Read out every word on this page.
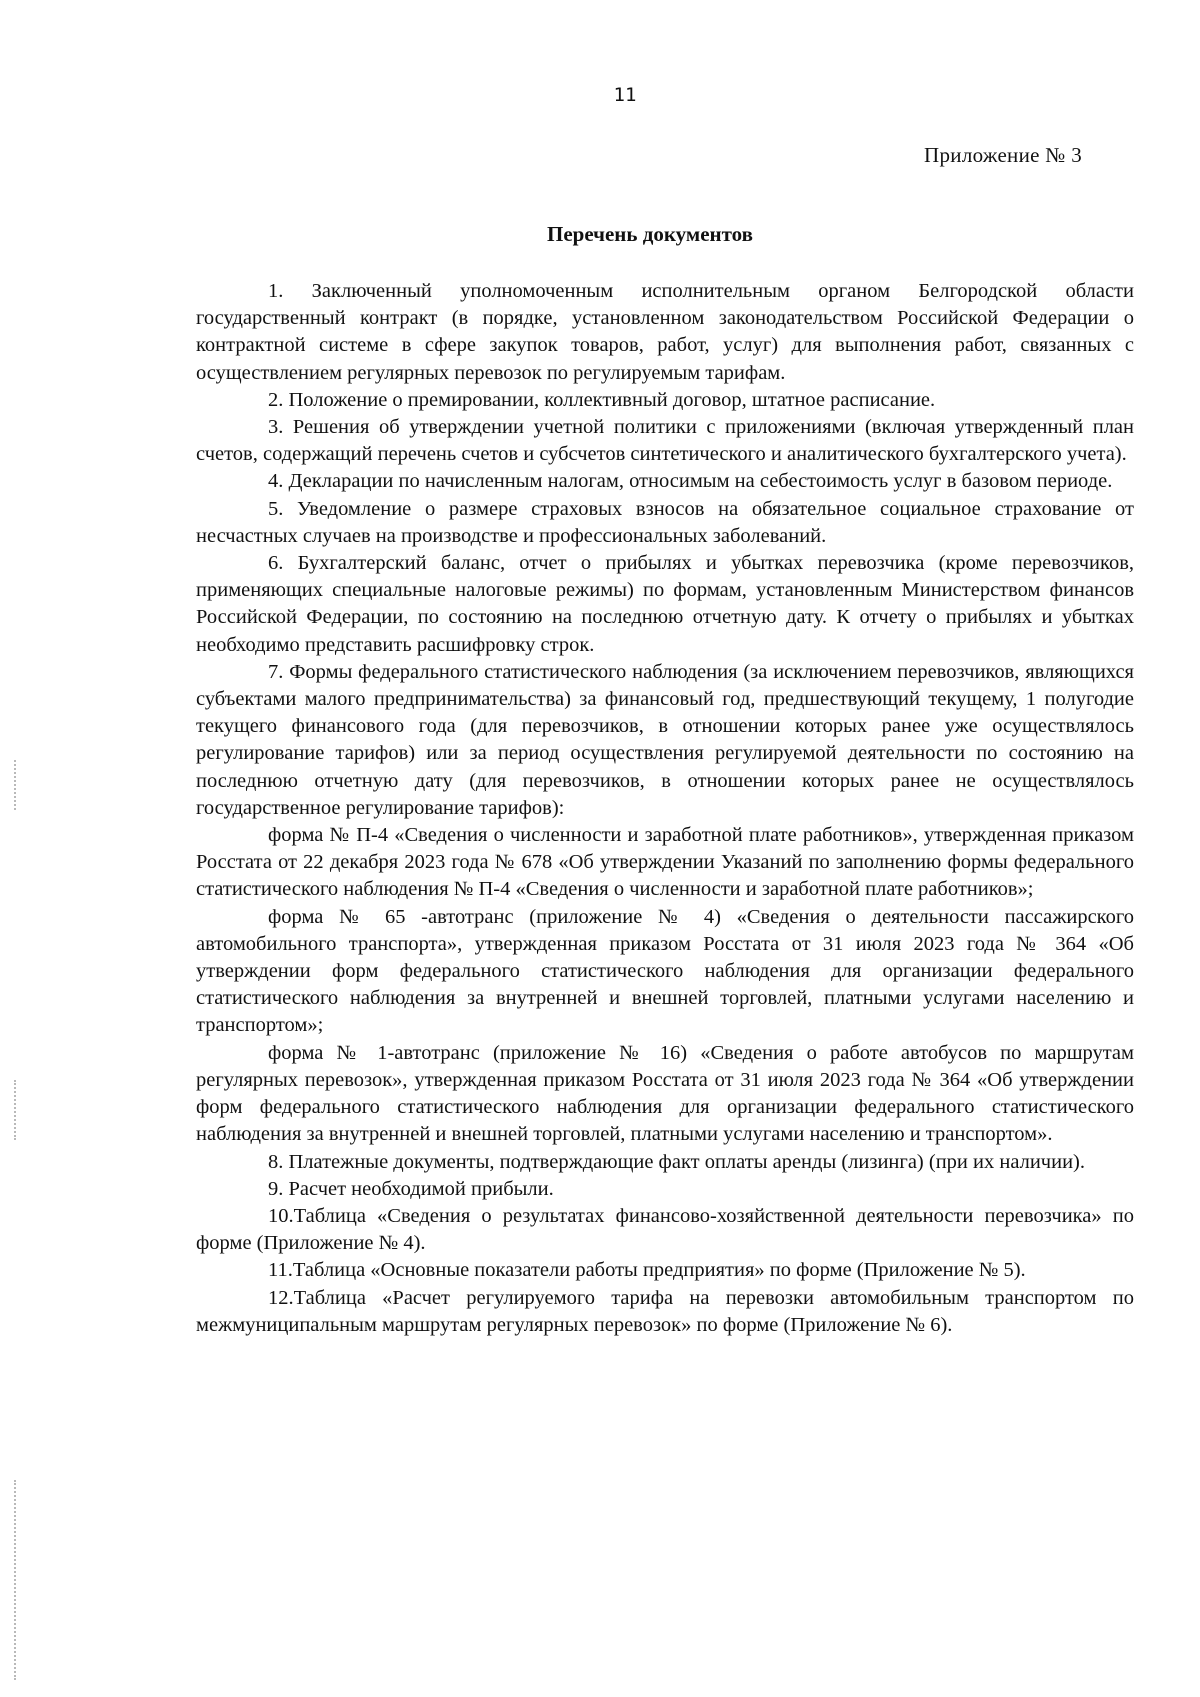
11
Приложение № 3
Перечень документов

1. Заключенный уполномоченным исполнительным органом Белгородской области государственный контракт (в порядке, установленном законодательством Российской Федерации о контрактной системе в сфере закупок товаров, работ, услуг) для выполнения работ, связанных с осуществлением регулярных перевозок по регулируемым тарифам.

2. Положение о премировании, коллективный договор, штатное расписание.

3. Решения об утверждении учетной политики с приложениями (включая утвержденный план счетов, содержащий перечень счетов и субсчетов синтетического и аналитического бухгалтерского учета).

4. Декларации по начисленным налогам, относимым на себестоимость услуг в базовом периоде.

5. Уведомление о размере страховых взносов на обязательное социальное страхование от несчастных случаев на производстве и профессиональных заболеваний.

6. Бухгалтерский баланс, отчет о прибылях и убытках перевозчика (кроме перевозчиков, применяющих специальные налоговые режимы) по формам, установленным Министерством финансов Российской Федерации, по состоянию на последнюю отчетную дату. К отчету о прибылях и убытках необходимо представить расшифровку строк.

7. Формы федерального статистического наблюдения (за исключением перевозчиков, являющихся субъектами малого предпринимательства) за финансовый год, предшествующий текущему, 1 полугодие текущего финансового года (для перевозчиков, в отношении которых ранее уже осуществлялось регулирование тарифов) или за период осуществления регулируемой деятельности по состоянию на последнюю отчетную дату (для перевозчиков, в отношении которых ранее не осуществлялось государственное регулирование тарифов):

форма № П-4 «Сведения о численности и заработной плате работников», утвержденная приказом Росстата от 22 декабря 2023 года № 678 «Об утверждении Указаний по заполнению формы федерального статистического наблюдения № П-4 «Сведения о численности и заработной плате работников»;

форма № 65 -автотранс (приложение № 4) «Сведения о деятельности пассажирского автомобильного транспорта», утвержденная приказом Росстата от 31 июля 2023 года № 364 «Об утверждении форм федерального статистического наблюдения для организации федерального статистического наблюдения за внутренней и внешней торговлей, платными услугами населению и транспортом»;

форма № 1-автотранс (приложение № 16) «Сведения о работе автобусов по маршрутам регулярных перевозок», утвержденная приказом Росстата от 31 июля 2023 года № 364 «Об утверждении форм федерального статистического наблюдения для организации федерального статистического наблюдения за внутренней и внешней торговлей, платными услугами населению и транспортом».

8. Платежные документы, подтверждающие факт оплаты аренды (лизинга) (при их наличии).

9. Расчет необходимой прибыли.

10.Таблица «Сведения о результатах финансово-хозяйственной деятельности перевозчика» по форме (Приложение № 4).

11.Таблица «Основные показатели работы предприятия» по форме (Приложение № 5).

12.Таблица «Расчет регулируемого тарифа на перевозки автомобильным транспортом по межмуниципальным маршрутам регулярных перевозок» по форме (Приложение № 6).
